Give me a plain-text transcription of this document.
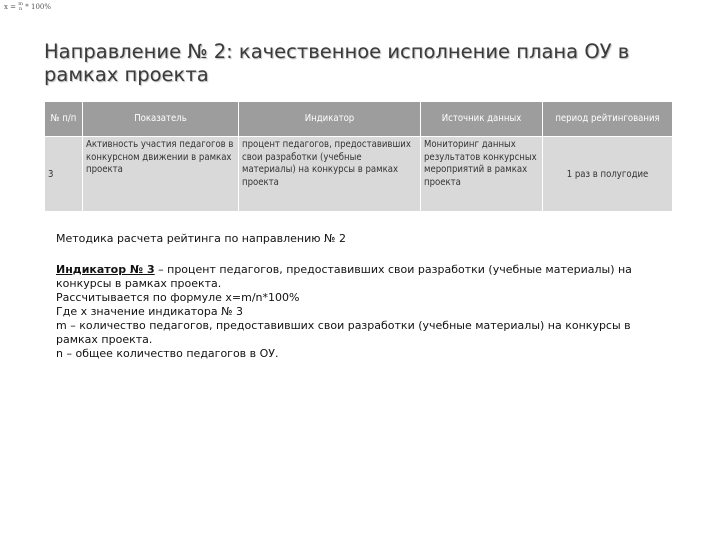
x = m
n * 100%
Направление № 2: качественное исполнение плана ОУ в рамках проекта
№ п/п	Показатель	Индикатор	Источник данных	период рейтингования
3	Активность участия педагогов в конкурсном движении в рамках проекта	процент педагогов, предоставивших свои разработки (учебные материалы) на конкурсы в рамках проекта	Мониторинг данных результатов конкурсных мероприятий в рамках проекта	1 раз в полугодие

Методика расчета рейтинга по направлению № 2

Индикатор № 3 – процент педагогов, предоставивших свои разработки (учебные материалы) на конкурсы в рамках проекта.

Рассчитывается по формуле x=m/n*100%

Где х значение индикатора № 3

m – количество педагогов, предоставивших свои разработки (учебные материалы) на конкурсы в рамках проекта.

n – общее количество педагогов в ОУ.
